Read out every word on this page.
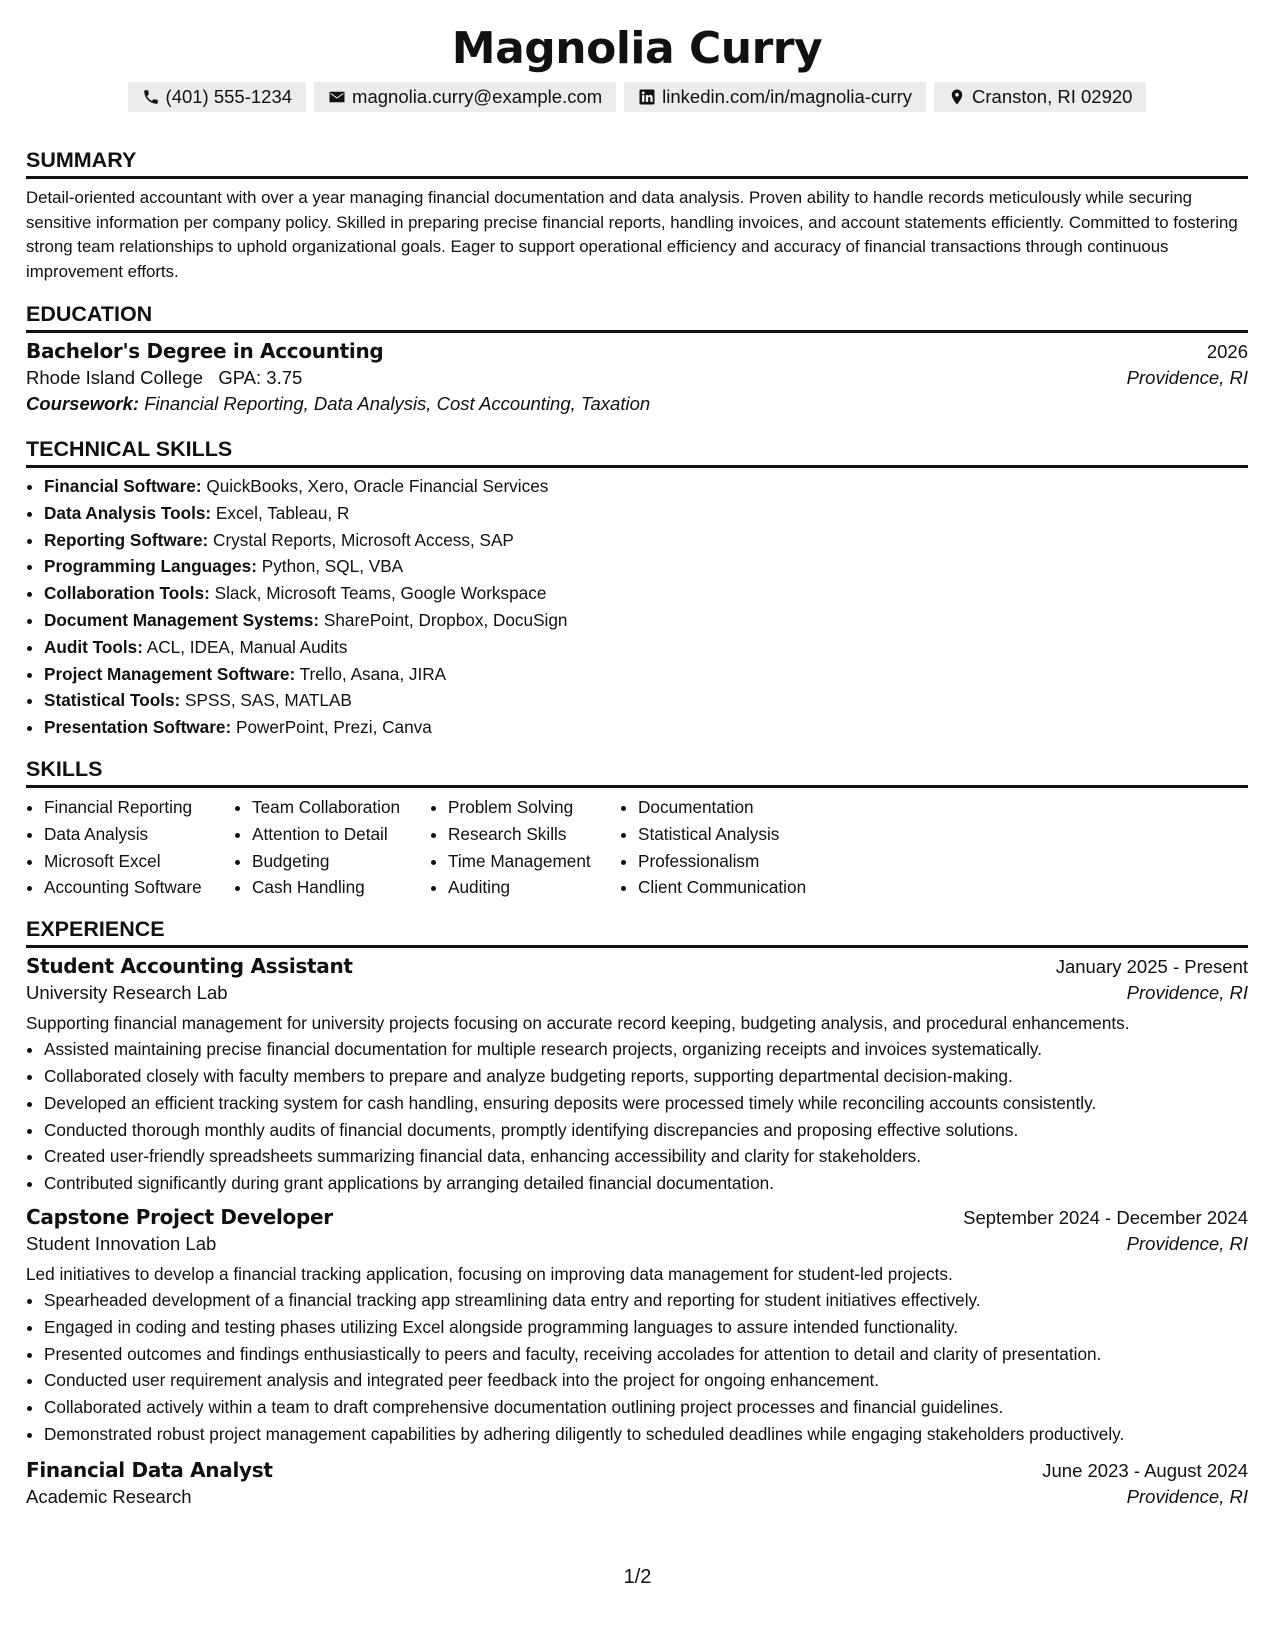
Magnolia Curry
(401) 555-1234	magnolia.curry@example.com	linkedin.com/in/magnolia-curry	Cranston, RI 02920
SUMMARY
Detail-oriented accountant with over a year managing financial documentation and data analysis. Proven ability to handle records meticulously while securing sensitive information per company policy. Skilled in preparing precise financial reports, handling invoices, and account statements efficiently. Committed to fostering strong team relationships to uphold organizational goals. Eager to support operational efficiency and accuracy of financial transactions through continuous improvement efforts.
EDUCATION
Bachelor's Degree in Accounting	2026
Rhode Island College GPA: 3.75	Providence, RI
Coursework: Financial Reporting, Data Analysis, Cost Accounting, Taxation
TECHNICAL SKILLS
• Financial Software: QuickBooks, Xero, Oracle Financial Services
• Data Analysis Tools: Excel, Tableau, R
• Reporting Software: Crystal Reports, Microsoft Access, SAP
• Programming Languages: Python, SQL, VBA
• Collaboration Tools: Slack, Microsoft Teams, Google Workspace
• Document Management Systems: SharePoint, Dropbox, DocuSign
• Audit Tools: ACL, IDEA, Manual Audits
• Project Management Software: Trello, Asana, JIRA
• Statistical Tools: SPSS, SAS, MATLAB
• Presentation Software: PowerPoint, Prezi, Canva
SKILLS
• Financial Reporting
• Data Analysis
• Microsoft Excel
• Accounting Software
• Team Collaboration
• Attention to Detail
• Budgeting
• Cash Handling
• Problem Solving
• Research Skills
• Time Management
• Auditing
• Documentation
• Statistical Analysis
• Professionalism
• Client Communication
EXPERIENCE
Student Accounting Assistant	January 2025 - Present
University Research Lab	Providence, RI
Supporting financial management for university projects focusing on accurate record keeping, budgeting analysis, and procedural enhancements.
• Assisted maintaining precise financial documentation for multiple research projects, organizing receipts and invoices systematically.
• Collaborated closely with faculty members to prepare and analyze budgeting reports, supporting departmental decision-making.
• Developed an efficient tracking system for cash handling, ensuring deposits were processed timely while reconciling accounts consistently.
• Conducted thorough monthly audits of financial documents, promptly identifying discrepancies and proposing effective solutions.
• Created user-friendly spreadsheets summarizing financial data, enhancing accessibility and clarity for stakeholders.
• Contributed significantly during grant applications by arranging detailed financial documentation.
Capstone Project Developer	September 2024 - December 2024
Student Innovation Lab	Providence, RI
Led initiatives to develop a financial tracking application, focusing on improving data management for student-led projects.
• Spearheaded development of a financial tracking app streamlining data entry and reporting for student initiatives effectively.
• Engaged in coding and testing phases utilizing Excel alongside programming languages to assure intended functionality.
• Presented outcomes and findings enthusiastically to peers and faculty, receiving accolades for attention to detail and clarity of presentation.
• Conducted user requirement analysis and integrated peer feedback into the project for ongoing enhancement.
• Collaborated actively within a team to draft comprehensive documentation outlining project processes and financial guidelines.
• Demonstrated robust project management capabilities by adhering diligently to scheduled deadlines while engaging stakeholders productively.
Financial Data Analyst	June 2023 - August 2024
Academic Research	Providence, RI
1/2
